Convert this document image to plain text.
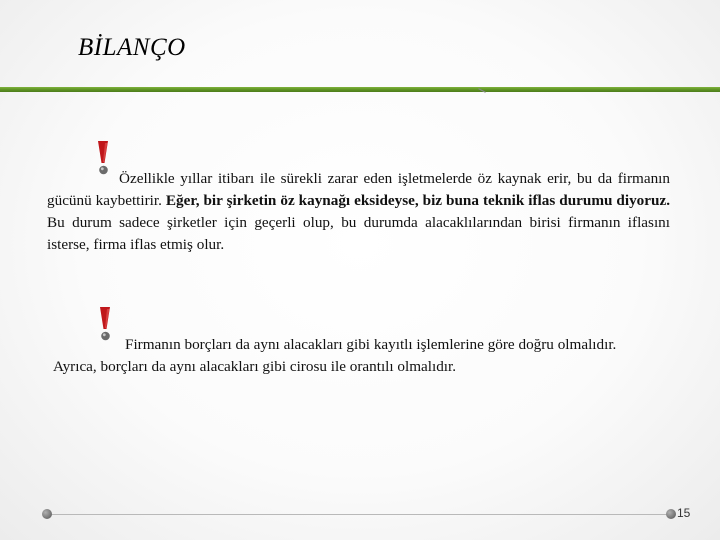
BİLANÇO

Özellikle yıllar itibarı ile sürekli zarar eden işletmelerde öz kaynak erir, bu da firmanın gücünü kaybettirir. Eğer, bir şirketin öz kaynağı eksideyse, biz buna teknik iflas durumu diyoruz. Bu durum sadece şirketler için geçerli olup, bu durumda alacaklılarından birisi firmanın iflasını isterse, firma iflas etmiş olur.

Firmanın borçları da aynı alacakları gibi kayıtlı işlemlerine göre doğru olmalıdır. Ayrıca, borçları da aynı alacakları gibi cirosu ile orantılı olmalıdır.

15
